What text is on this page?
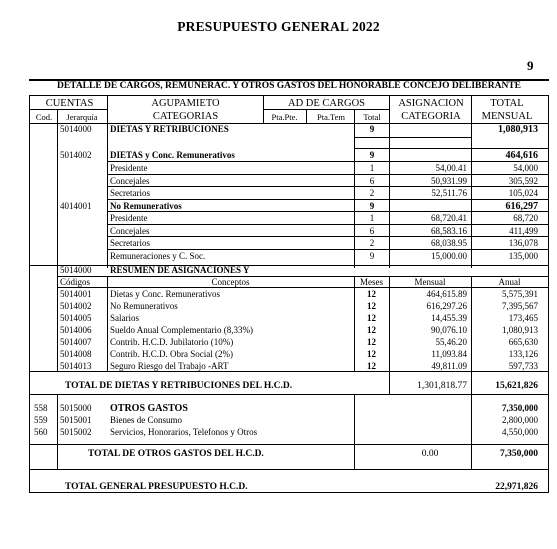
PRESUPUESTO GENERAL 2022
9
DETALLE DE CARGOS, REMUNERAC. Y OTROS GASTOS DEL HONORABLE CONCEJO DELIBERANTE
CUENTAS
Cod.	Jerarquía
AGUPAMIETO
CATEGORIAS
AD DE CARGOS
Pta.Pte.	Pta.Tem	Total
ASIGNACION
CATEGORIA
TOTAL
MENSUAL
5014000 DIETAS Y RETRIBUCIONES	9	1,080,913
5014002 DIETAS y Conc. Remunerativos	9	464,616
Presidente	1	54,00.41	54,000
Concejales	6	50,931.99	305,592
Secretarios	2	52,511.76	105,024
4014001 No Remunerativos	9	616,297
Presidente	1	68,720.41	68,720
Concejales	6	68,583.16	411,499
Secretarios	2	68,038.95	136,078
Remuneraciones y C. Soc.	9	15,000.00	135,000
5014000 RESUMEN DE ASIGNACIONES Y
Códigos	Conceptos	Meses	Mensual	Anual
5014001 Dietas y Conc. Remunerativos	12	464,615.89	5,575,391
5014002 No Remunerativos	12	616,297.26	7,395,567
5014005 Salarios	12	14,455.39	173,465
5014006 Sueldo Anual Complementario (8,33%)	12	90,076.10	1,080,913
5014007 Contrib. H.C.D. Jubilatorio (10%)	12	55,46.20	665,630
5014008 Contrib. H.C.D. Obra Social (2%)	12	11,093.84	133,126
5014013 Seguro Riesgo del Trabajo -ART	12	49,811.09	597,733
TOTAL DE DIETAS Y RETRIBUCIONES DEL H.C.D.	1,301,818.77	15,621,826
558 5015000 OTROS GASTOS	7,350,000
559 5015001 Bienes de Consumo	2,800,000
560 5015002 Servicios, Honorarios, Telefonos y Otros	4,550,000
TOTAL DE OTROS GASTOS DEL H.C.D.	0.00	7,350,000
TOTAL GENERAL PRESUPUESTO H.C.D.	22,971,826
